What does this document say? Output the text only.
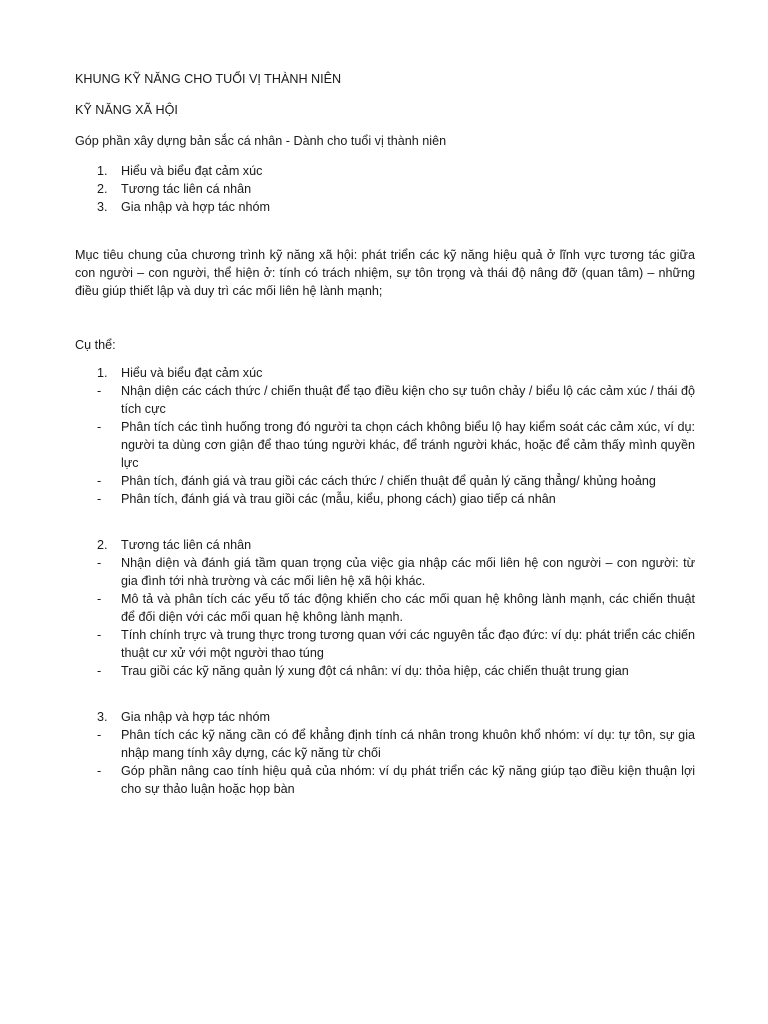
KHUNG KỸ NĂNG CHO TUỔI VỊ THÀNH NIÊN

KỸ NĂNG XÃ HỘI

Góp phần xây dựng bản sắc cá nhân - Dành cho tuổi vị thành niên

1.	Hiểu và biểu đạt cảm xúc
2.	Tương tác liên cá nhân
3.	Gia nhập và hợp tác nhóm

Mục tiêu chung của chương trình kỹ năng xã hội: phát triển các kỹ năng hiệu quả ở lĩnh vực tương tác giữa con người – con người, thể hiện ở: tính có trách nhiệm, sự tôn trọng và thái độ nâng đỡ (quan tâm) – những điều giúp thiết lập và duy trì các mối liên hệ lành mạnh;

Cụ thể:

1.	Hiểu và biểu đạt cảm xúc
-	Nhận diện các cách thức / chiến thuật để tạo điều kiện cho sự tuôn chảy / biểu lộ các cảm xúc / thái độ tích cực
-	Phân tích các tình huống trong đó người ta chọn cách không biểu lộ hay kiểm soát các cảm xúc, ví dụ: người ta dùng cơn giận để thao túng người khác, để tránh người khác, hoặc để cảm thấy mình quyền lực
-	Phân tích, đánh giá và trau giồi các cách thức / chiến thuật để quản lý căng thẳng/ khủng hoảng
-	Phân tích, đánh giá và trau giồi các (mẫu, kiểu, phong cách) giao tiếp cá nhân
2.	Tương tác liên cá nhân
-	Nhận diện và đánh giá tầm quan trọng của việc gia nhập các mối liên hệ con người – con người: từ gia đình tới nhà trường và các mối liên hệ xã hội khác.
-	Mô tả và phân tích các yếu tố tác động khiến cho các mối quan hệ không lành mạnh, các chiến thuật để đối diện với các mối quan hệ không lành mạnh.
-	Tính chính trực và trung thực trong tương quan với các nguyên tắc đạo đức: ví dụ: phát triển các chiến thuật cư xử với một người thao túng
-	Trau giồi các kỹ năng quản lý xung đột cá nhân: ví dụ: thỏa hiệp, các chiến thuật trung gian
3.	Gia nhập và hợp tác nhóm
-	Phân tích các kỹ năng cần có để khẳng định tính cá nhân trong khuôn khổ nhóm: ví dụ: tự tôn, sự gia nhập mang tính xây dựng, các kỹ năng từ chối
-	Góp phần nâng cao tính hiệu quả của nhóm: ví dụ phát triển các kỹ năng giúp tạo điều kiện thuận lợi cho sự thảo luận hoặc họp bàn
